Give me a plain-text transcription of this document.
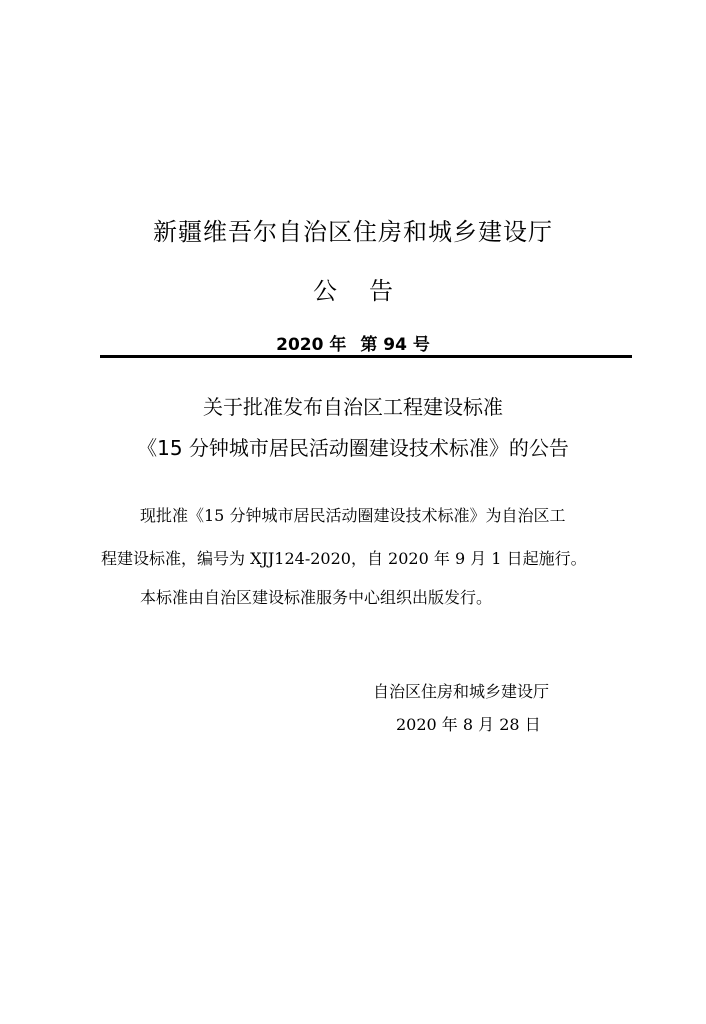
新疆维吾尔自治区住房和城乡建设厅
公 告
2020 年 第 94 号
关于批准发布自治区工程建设标准
《15 分钟城市居民活动圈建设技术标准》的公告
现批准《15 分钟城市居民活动圈建设技术标准》为自治区工
程建设标准，编号为 XJJ124-2020，自 2020 年 9 月 1 日起施行。
本标准由自治区建设标准服务中心组织出版发行。
自治区住房和城乡建设厅
2020 年 8 月 28 日
